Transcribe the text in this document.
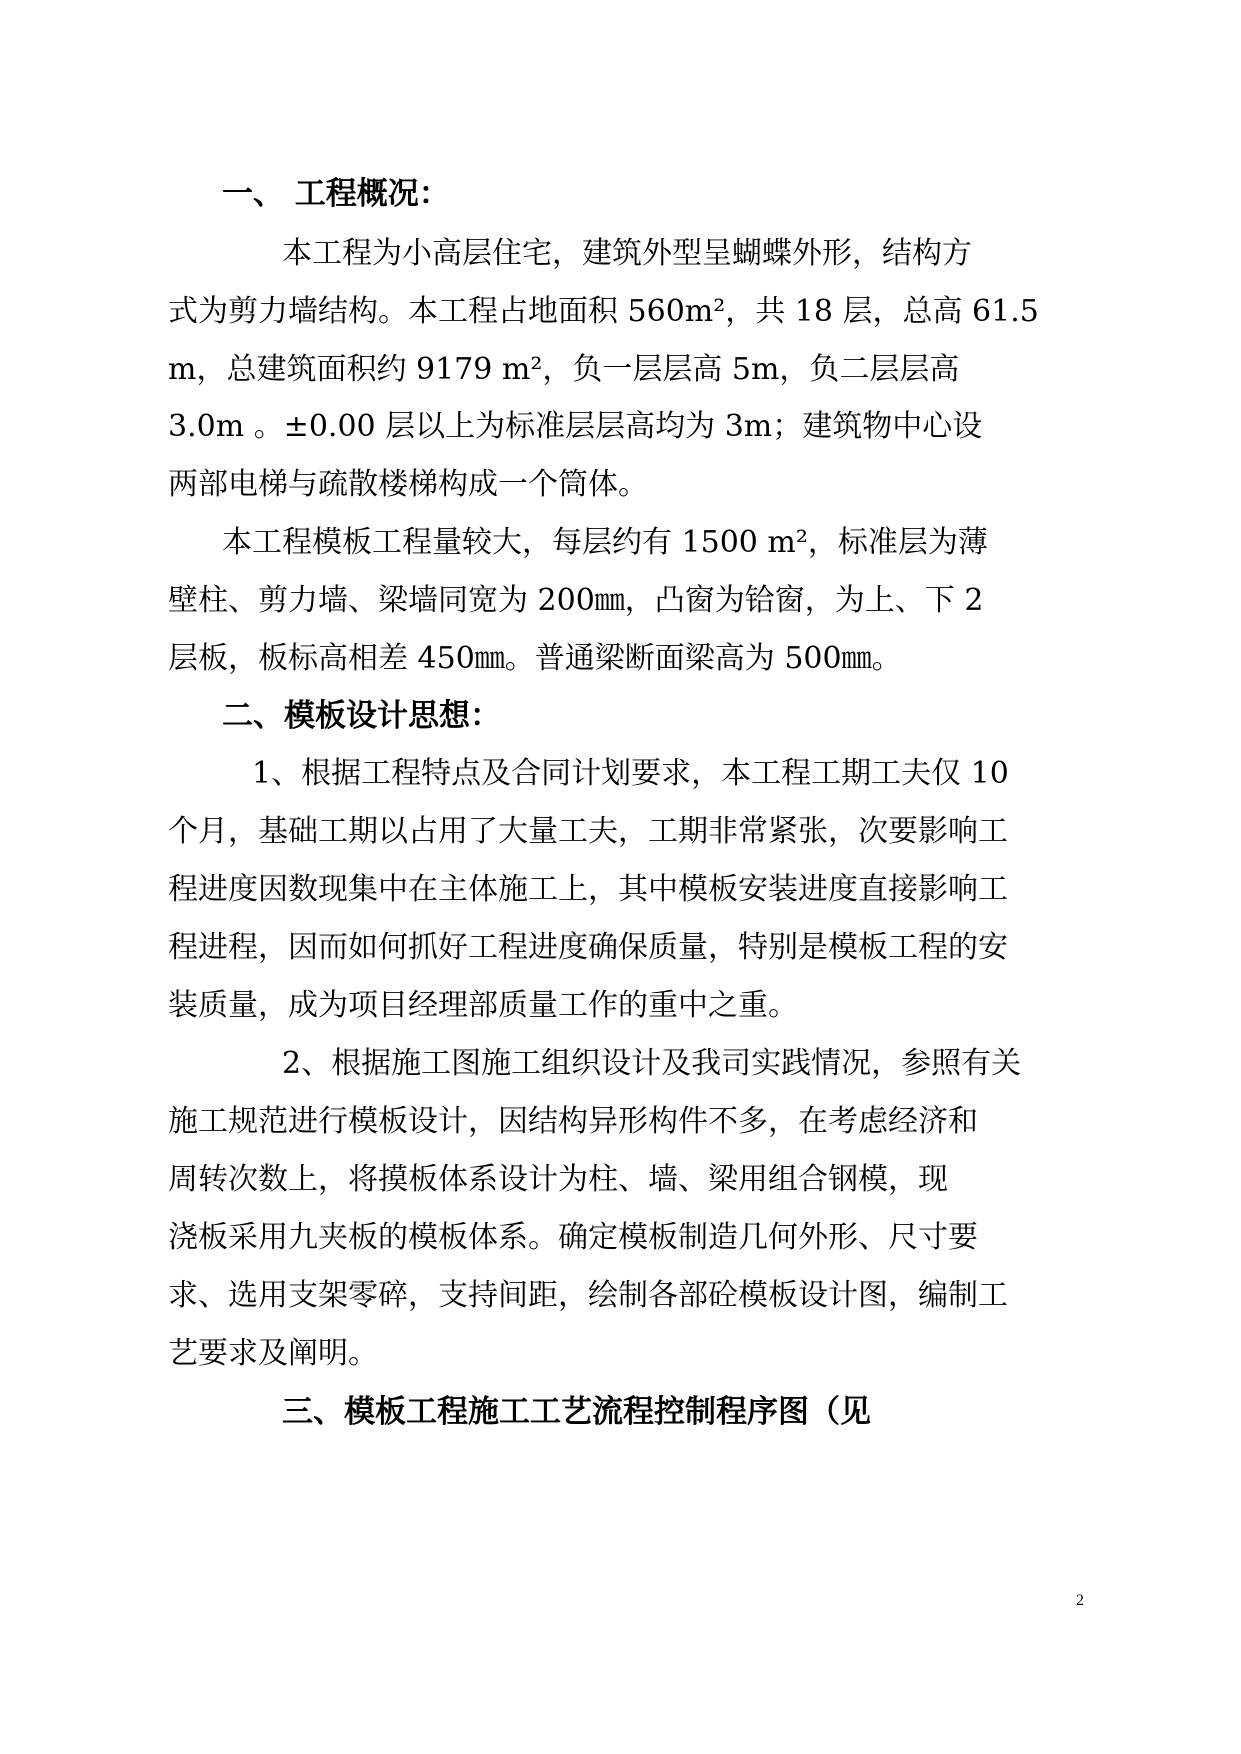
一、 工程概况：
本工程为小高层住宅，建筑外型呈蝴蝶外形，结构方
式为剪力墙结构。本工程占地面积 560m²，共 18 层，总高 61.5
m，总建筑面积约 9179 m²，负一层层高 5m，负二层层高
3.0m 。±0.00 层以上为标准层层高均为 3m；建筑物中心设
两部电梯与疏散楼梯构成一个筒体。
本工程模板工程量较大，每层约有 1500 m²，标准层为薄
壁柱、剪力墙、梁墙同宽为 200㎜，凸窗为铪窗，为上、下 2
层板，板标高相差 450㎜。普通梁断面梁高为 500㎜。
二、模板设计思想：
1、根据工程特点及合同计划要求，本工程工期工夫仅 10
个月，基础工期以占用了大量工夫，工期非常紧张，次要影响工
程进度因数现集中在主体施工上，其中模板安装进度直接影响工
程进程，因而如何抓好工程进度确保质量，特别是模板工程的安
装质量，成为项目经理部质量工作的重中之重。
2、根据施工图施工组织设计及我司实践情况，参照有关
施工规范进行模板设计，因结构异形构件不多，在考虑经济和
周转次数上，将摸板体系设计为柱、墙、梁用组合钢模，现
浇板采用九夹板的模板体系。确定模板制造几何外形、尺寸要
求、选用支架零碎，支持间距，绘制各部砼模板设计图，编制工
艺要求及阐明。
三、模板工程施工工艺流程控制程序图（见
2
